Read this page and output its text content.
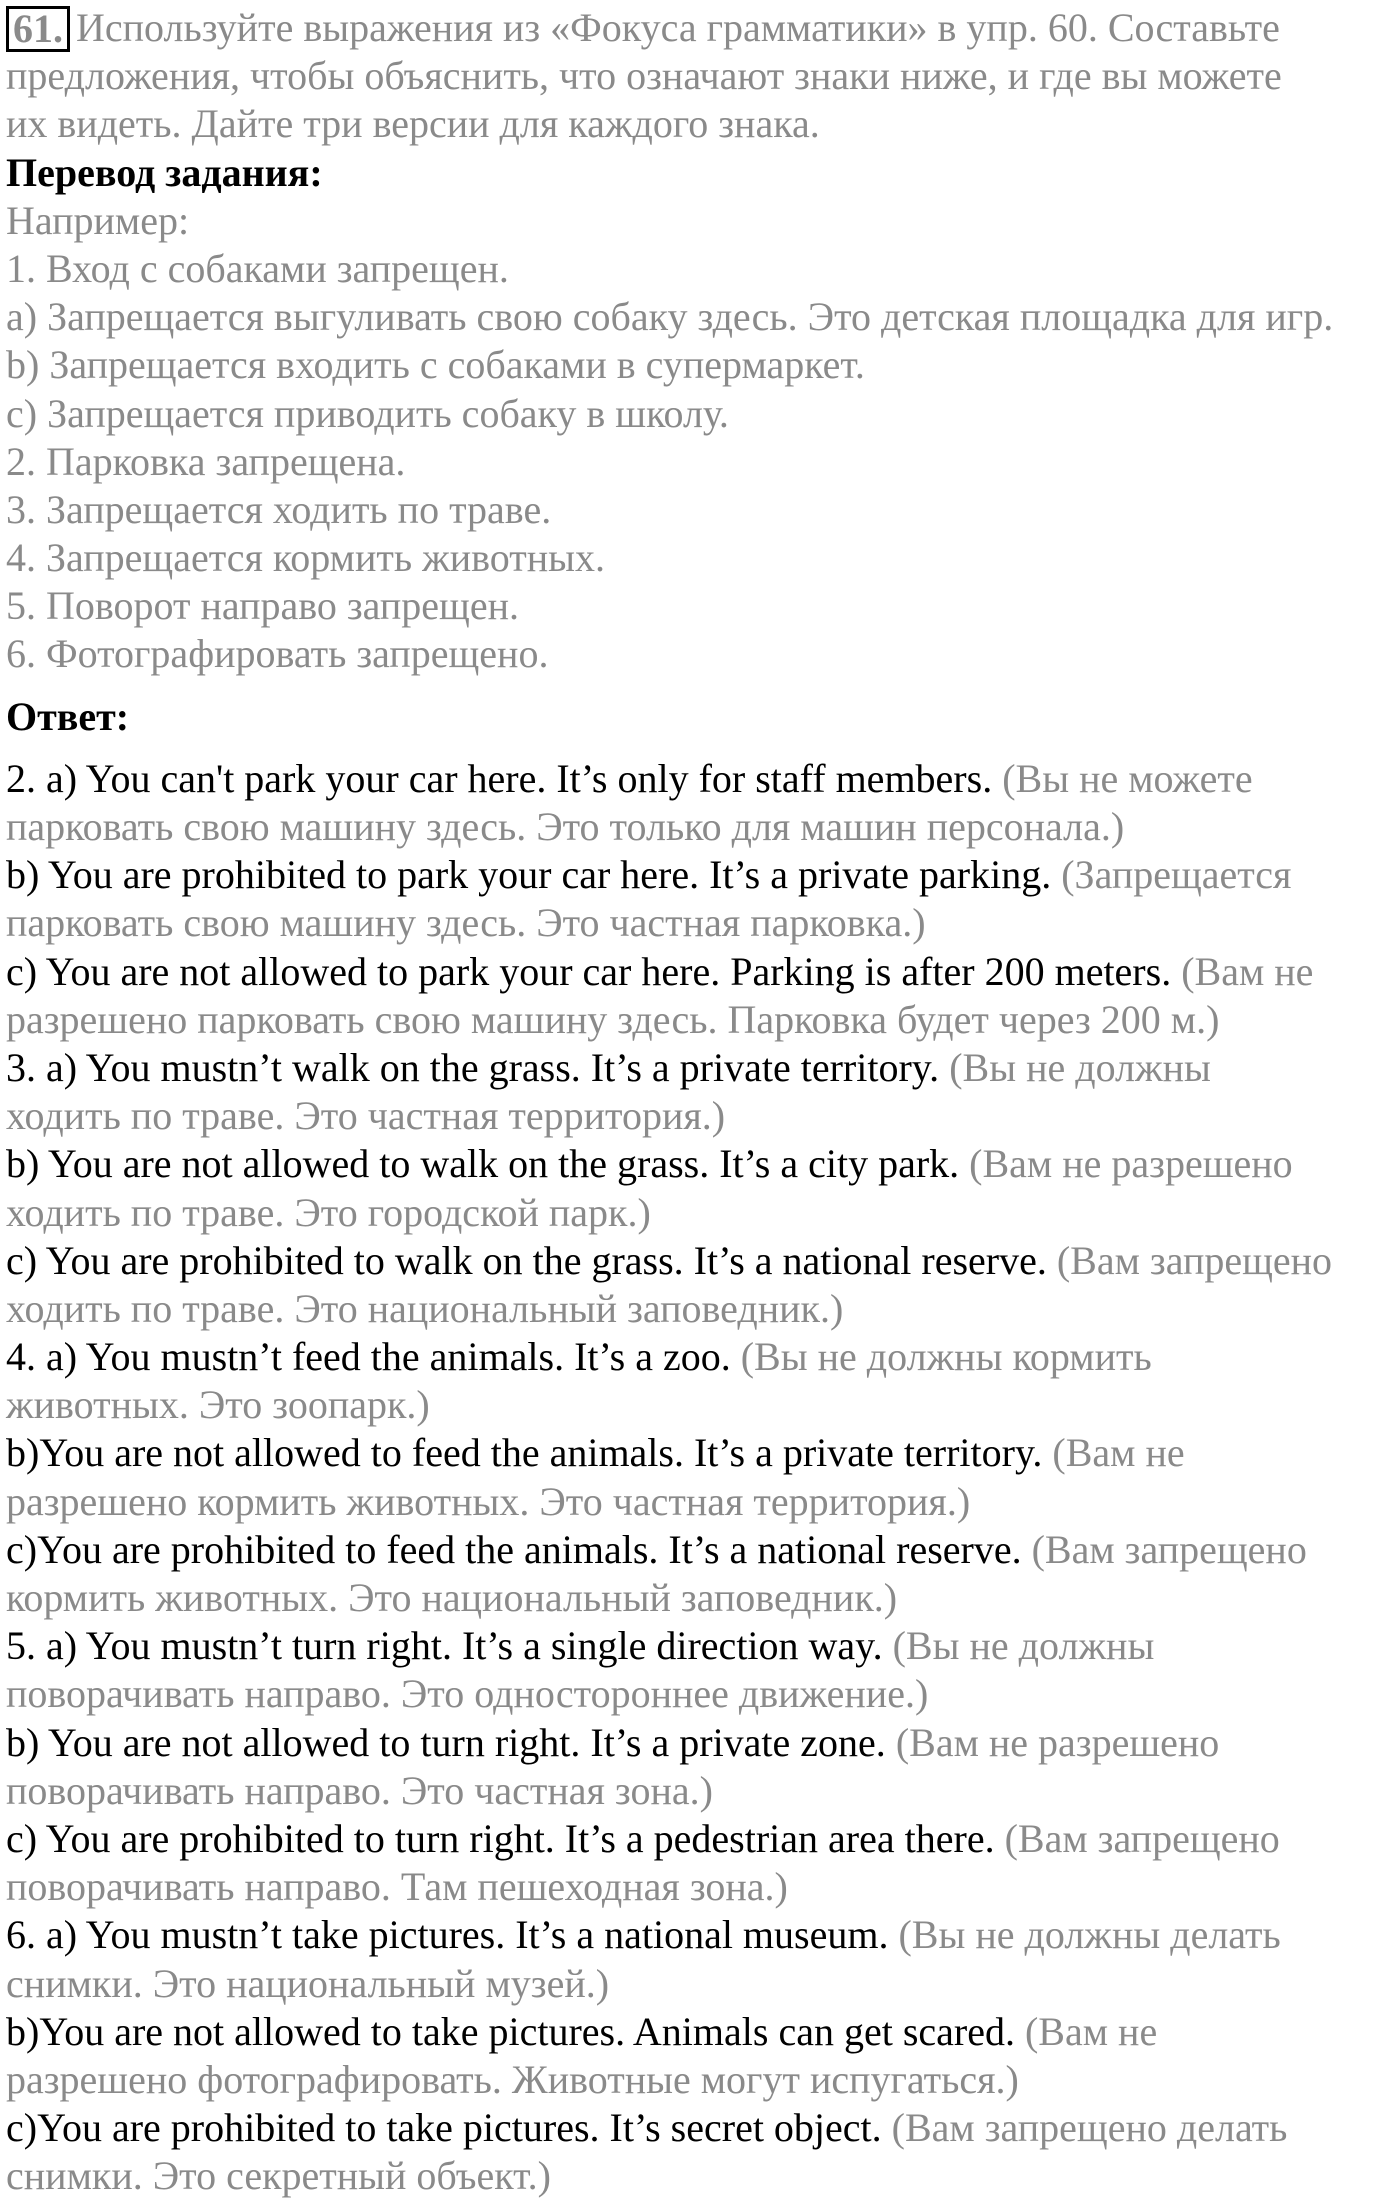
61. Используйте выражения из «Фокуса грамматики» в упр. 60. Составьте
предложения, чтобы объяснить, что означают знаки ниже, и где вы можете
их видеть. Дайте три версии для каждого знака.
Перевод задания:
Например:
1. Вход с собаками запрещен.
a) Запрещается выгуливать свою собаку здесь. Это детская площадка для игр.
b) Запрещается входить с собаками в супермаркет.
c) Запрещается приводить собаку в школу.
2. Парковка запрещена.
3. Запрещается ходить по траве.
4. Запрещается кормить животных.
5. Поворот направо запрещен.
6. Фотографировать запрещено.
Ответ:
2. a) You can't park your car here. It’s only for staff members. (Вы не можете
парковать свою машину здесь. Это только для машин персонала.)
b) You are prohibited to park your car here. It’s a private parking. (Запрещается
парковать свою машину здесь. Это частная парковка.)
c) You are not allowed to park your car here. Parking is after 200 meters. (Вам не
разрешено парковать свою машину здесь. Парковка будет через 200 м.)
3. a) You mustn’t walk on the grass. It’s a private territory. (Вы не должны
ходить по траве. Это частная территория.)
b) You are not allowed to walk on the grass. It’s a city park. (Вам не разрешено
ходить по траве. Это городской парк.)
c) You are prohibited to walk on the grass. It’s a national reserve. (Вам запрещено
ходить по траве. Это национальный заповедник.)
4. a) You mustn’t feed the animals. It’s a zoo. (Вы не должны кормить
животных. Это зоопарк.)
b)You are not allowed to feed the animals. It’s a private territory. (Вам не
разрешено кормить животных. Это частная территория.)
c)You are prohibited to feed the animals. It’s a national reserve. (Вам запрещено
кормить животных. Это национальный заповедник.)
5. a) You mustn’t turn right. It’s a single direction way. (Вы не должны
поворачивать направо. Это одностороннее движение.)
b) You are not allowed to turn right. It’s a private zone. (Вам не разрешено
поворачивать направо. Это частная зона.)
c) You are prohibited to turn right. It’s a pedestrian area there. (Вам запрещено
поворачивать направо. Там пешеходная зона.)
6. a) You mustn’t take pictures. It’s a national museum. (Вы не должны делать
снимки. Это национальный музей.)
b)You are not allowed to take pictures. Animals can get scared. (Вам не
разрешено фотографировать. Животные могут испугаться.)
c)You are prohibited to take pictures. It’s secret object. (Вам запрещено делать
снимки. Это секретный объект.)
